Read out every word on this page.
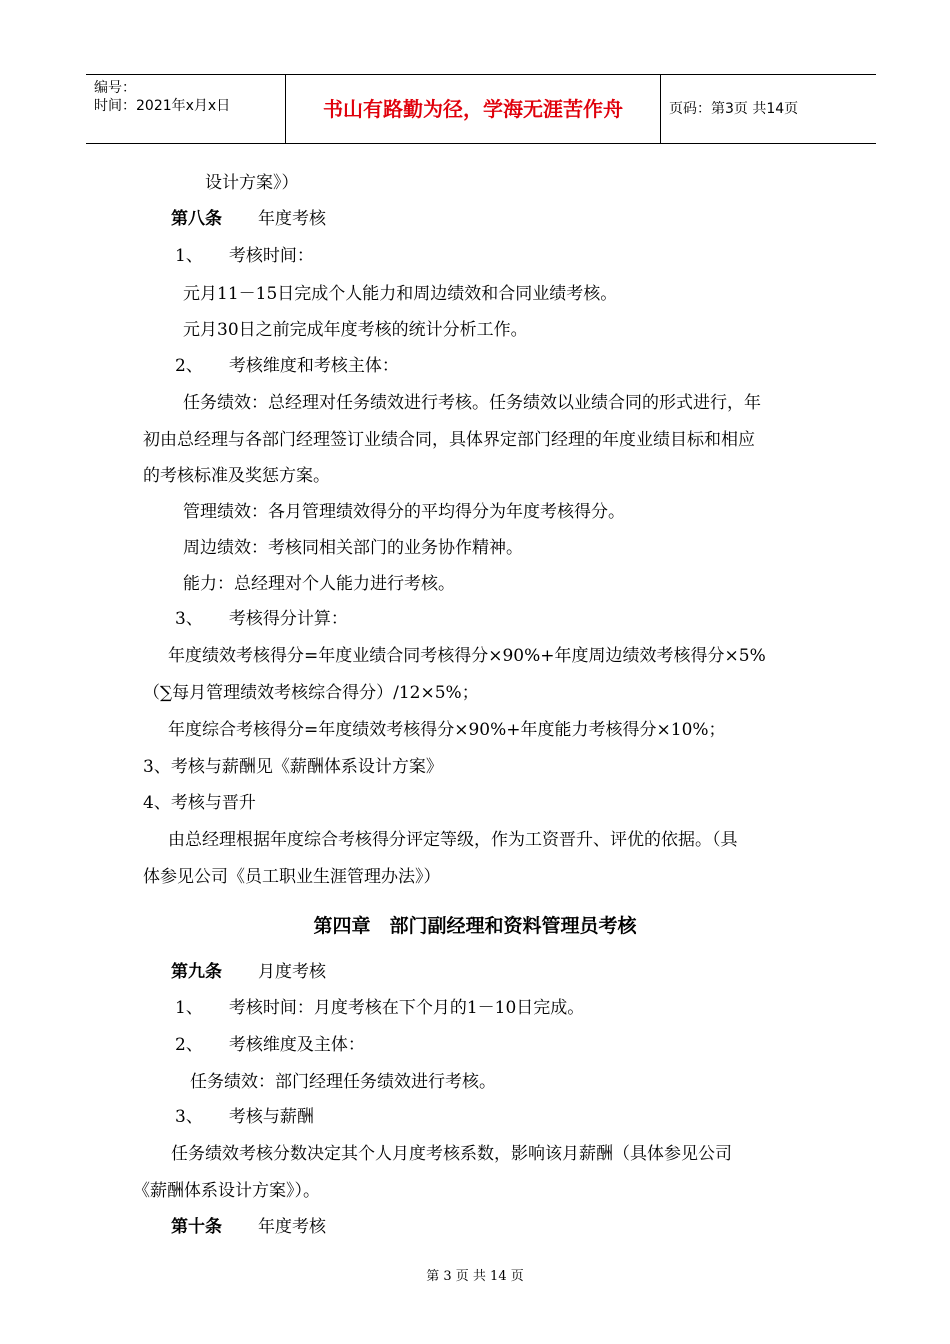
编号：
时间：2021年x月x日	书山有路勤为径，学海无涯苦作舟	页码：第3页 共14页
设计方案》）
第八条 年度考核
1、 考核时间：
元月11－15日完成个人能力和周边绩效和合同业绩考核。
元月30日之前完成年度考核的统计分析工作。
2、 考核维度和考核主体：
任务绩效：总经理对任务绩效进行考核。任务绩效以业绩合同的形式进行，年
初由总经理与各部门经理签订业绩合同，具体界定部门经理的年度业绩目标和相应
的考核标准及奖惩方案。
管理绩效：各月管理绩效得分的平均得分为年度考核得分。
周边绩效：考核同相关部门的业务协作精神。
能力：总经理对个人能力进行考核。
3、 考核得分计算：
年度绩效考核得分=年度业绩合同考核得分×90%+年度周边绩效考核得分×5%
（∑每月管理绩效考核综合得分）/12×5%；
年度综合考核得分=年度绩效考核得分×90%+年度能力考核得分×10%；
3、考核与薪酬见《薪酬体系设计方案》
4、考核与晋升
由总经理根据年度综合考核得分评定等级，作为工资晋升、评优的依据。（具
体参见公司《员工职业生涯管理办法》）
第四章　部门副经理和资料管理员考核
第九条 月度考核
1、 考核时间：月度考核在下个月的1－10日完成。
2、 考核维度及主体：
任务绩效：部门经理任务绩效进行考核。
3、 考核与薪酬
任务绩效考核分数决定其个人月度考核系数，影响该月薪酬（具体参见公司
《薪酬体系设计方案》）。
第十条 年度考核
第 3 页 共 14 页
